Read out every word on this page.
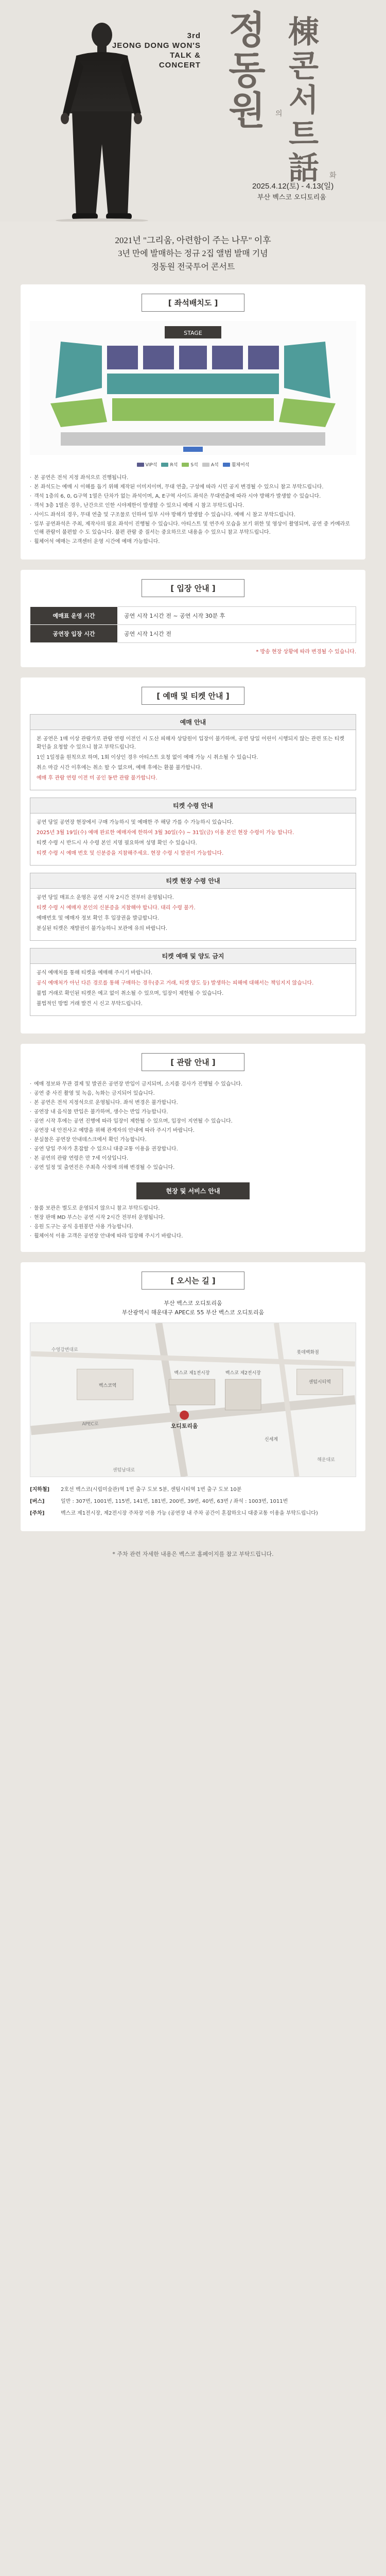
3rd
JEONG DONG WON'S
TALK &
CONCERT
정
동
원
棟
콘
서
트
話
의
화
2025.4.12(토) - 4.13(일)
부산 벡스코 오디토리움

2021년 "그리움, 아련함이 주는 나무" 이후

3년 만에 발매하는 정규 2집 앨범 발매 기념

정동원 전국투어 콘서트

[ 좌석배치도 ]
STAGE
VIP석	R석	S석	A석	휠체어석
· 본 공연은 전석 지정 좌석으로 진행됩니다.
· 본 좌석도는 예매 시 이해를 돕기 위해 제작된 이미지이며, 무대 연출, 구성에 따라 시민 공지 변경될 수 있으니 참고 부탁드립니다.
· 객석 1층의 6, 0, G구역 1열은 단차가 없는 좌석이며, A, E구역 사이드 좌석은 무대연출에 따라 시야 방해가 발생할 수 있습니다.
· 객석 3층 1열은 경우, 난간으로 인한 시야제한이 발생할 수 있으니 예매 시 참고 부탁드립니다.
· 사이드 좌석의 경우, 무대 연출 및 구조물로 인하여 일부 시야 방해가 발생할 수 있습니다. 예매 시 참고 부탁드립니다.
· 일부 공연좌석은 주최, 제작사의 필요 좌석이 진행될 수 있습니다. 아티스트 및 연주자 모습을 보기 위한 및 영상이 촬영되며, 공연 중 카메라로 인해 관람이 불편할 수 도 있습니다. 불편 관람 중 질서는 중요하므로 내용을 수 있으니 참고 부탁드립니다.
· 휠체어석 예매는 고객센터 운영 시간에 예매 가능합니다.
[ 입장 안내 ]
예매표 운영 시간	공연 시작 1시간 전 ~ 공연 시작 30분 후
공연장 입장 시간	공연 시작 1시간 전

* 방송 현장 상황에 따라 변경될 수 있습니다.

[ 예매 및 티켓 안내 ]
예매 안내

본 공연은 1매 이상 관람가로 관람 연령 이전인 시 도산 피해자 상담원이 입장이 불가하며, 공연 당일 어린이 시행되지 않는 관련 또는 티켓 확인을 요청할 수 있으니 참고 부탁드립니다.

1인 1일정을 원칙으로 하며, 1회 이상인 경우 아티스트 요청 없이 예매 가능 시 취소될 수 있습니다.

취소 마감 시간 이후에는 취소 할 수 없으며, 예매 후에는 환불 불가합니다.

예매 후 관람 연령 이전 미 공인 동반 관람 불가합니다.

티켓 수령 안내

공연 당일 공연장 현장에서 구매 가능하시 및 예매한 주 해당 가를 수 가능하시 있습니다.

2025년 3월 19일(수) 예매 완료한 예매자에 한하여 3월 30일(수) ~ 31일(금) 이용 본인 현장 수령이 가능 합니다.

티켓 수령 시 반드시 사 수령 본인 지명 필요하며 성명 확인 수 있습니다.

티켓 수령 시 예매 번호 및 신분증을 지참해주세요. 현장 수령 시 발권이 가능합니다.

티켓 현장 수령 안내

공연 당일 매표소 운영은 공연 시작 2시간 전부터 운영됩니다.

티켓 수령 시 예매자 본인의 신분증을 지참해야 합니다. 대리 수령 불가.

예매번호 및 예매자 정보 확인 후 입장권을 발급합니다.

분실된 티켓은 재발권이 불가능하니 보관에 유의 바랍니다.

티켓 예매 및 양도 금지

공식 예매처를 통해 티켓을 예매해 주시기 바랍니다.

공식 예매처가 아닌 다른 경로를 통해 구매하는 경우(중고 거래, 티켓 양도 등) 발생하는 피해에 대해서는 책임지지 않습니다.

불법 거래로 확인된 티켓은 예고 없이 취소될 수 있으며, 입장이 제한될 수 있습니다.

불법적인 방법 거래 발견 시 신고 부탁드립니다.

[ 관람 안내 ]
· 예매 정보와 무관 결제 및 발권은 공연장 반입이 금지되며, 소지품 검사가 진행될 수 있습니다.
· 공연 중 사진 촬영 및 녹음, 녹화는 금지되어 있습니다.
· 본 공연은 전석 지정석으로 운영됩니다. 좌석 변경은 불가합니다.
· 공연장 내 음식물 반입은 불가하며, 생수는 반입 가능합니다.
· 공연 시작 후에는 공연 진행에 따라 입장이 제한될 수 있으며, 입장이 지연될 수 있습니다.
· 공연장 내 안전사고 예방을 위해 관계자의 안내에 따라 주시기 바랍니다.
· 분실물은 공연장 안내데스크에서 확인 가능합니다.
· 공연 당일 주차가 혼잡할 수 있으니 대중교통 이용을 권장합니다.
· 본 공연의 관람 연령은 만 7세 이상입니다.
· 공연 일정 및 출연진은 주최측 사정에 의해 변경될 수 있습니다.
현장 및 서비스 안내
· 물품 보관은 별도로 운영되지 않으니 참고 부탁드립니다.
· 현장 판매 MD 부스는 공연 시작 2시간 전부터 운영됩니다.
· 응원 도구는 공식 응원봉만 사용 가능합니다.
· 휠체어석 이용 고객은 공연장 안내에 따라 입장해 주시기 바랍니다.
[ 오시는 길 ]
부산 벡스코 오디토리움
부산광역시 해운대구 APEC로 55 부산 벡스코 오디토리움
오디토리움
벡스코역
센텀시티역
신세계
벡스코 제1전시장	벡스코 제2전시장
APEC로
수영강변대로
해운대로
센텀남대로
롯데백화점
[지하철]	2호선 벡스코(시립미술관)역 1번 출구 도보 5분, 센텀시티역 1번 출구 도보 10분
[버스]	일반 : 307번, 1001번, 115번, 141번, 181번, 200번, 39번, 40번, 63번 / 좌석 : 1003번, 1011번
[주차]	벡스코 제1전시장, 제2전시장 주차장 이용 가능 (공연장 내 주차 공간이 혼잡하오니 대중교통 이용을 부탁드립니다)
* 주차 관련 자세한 내용은 벡스코 홈페이지를 참고 부탁드립니다.
